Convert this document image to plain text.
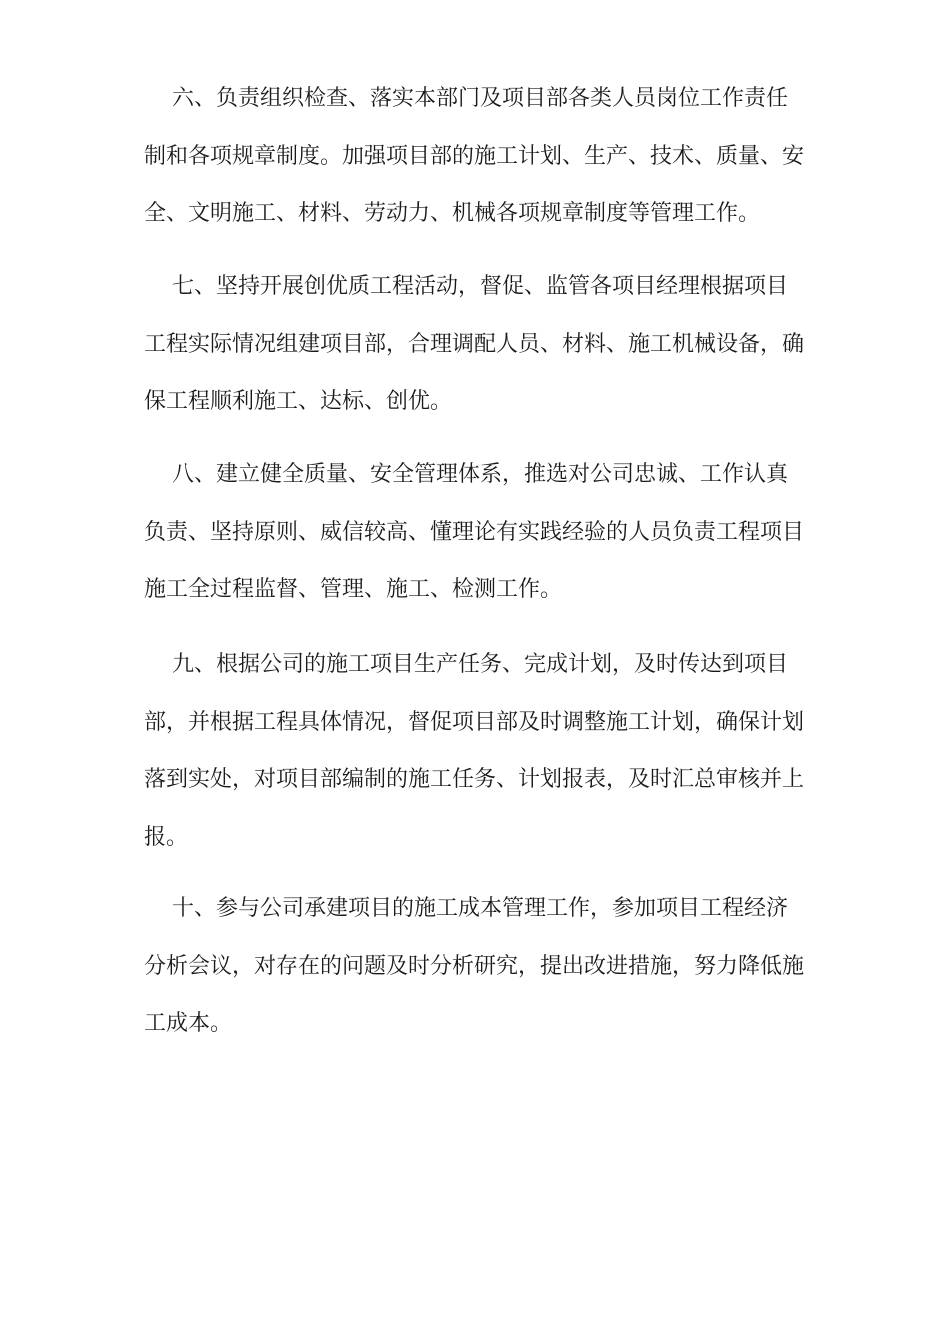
六、负责组织检查、落实本部门及项目部各类人员岗位工作责任制和各项规章制度。加强项目部的施工计划、生产、技术、质量、安全、文明施工、材料、劳动力、机械各项规章制度等管理工作。

七、坚持开展创优质工程活动，督促、监管各项目经理根据项目工程实际情况组建项目部，合理调配人员、材料、施工机械设备，确保工程顺利施工、达标、创优。

八、建立健全质量、安全管理体系，推选对公司忠诚、工作认真负责、坚持原则、威信较高、懂理论有实践经验的人员负责工程项目施工全过程监督、管理、施工、检测工作。

九、根据公司的施工项目生产任务、完成计划，及时传达到项目部，并根据工程具体情况，督促项目部及时调整施工计划，确保计划落到实处，对项目部编制的施工任务、计划报表，及时汇总审核并上报。

十、参与公司承建项目的施工成本管理工作，参加项目工程经济分析会议，对存在的问题及时分析研究，提出改进措施，努力降低施工成本。
